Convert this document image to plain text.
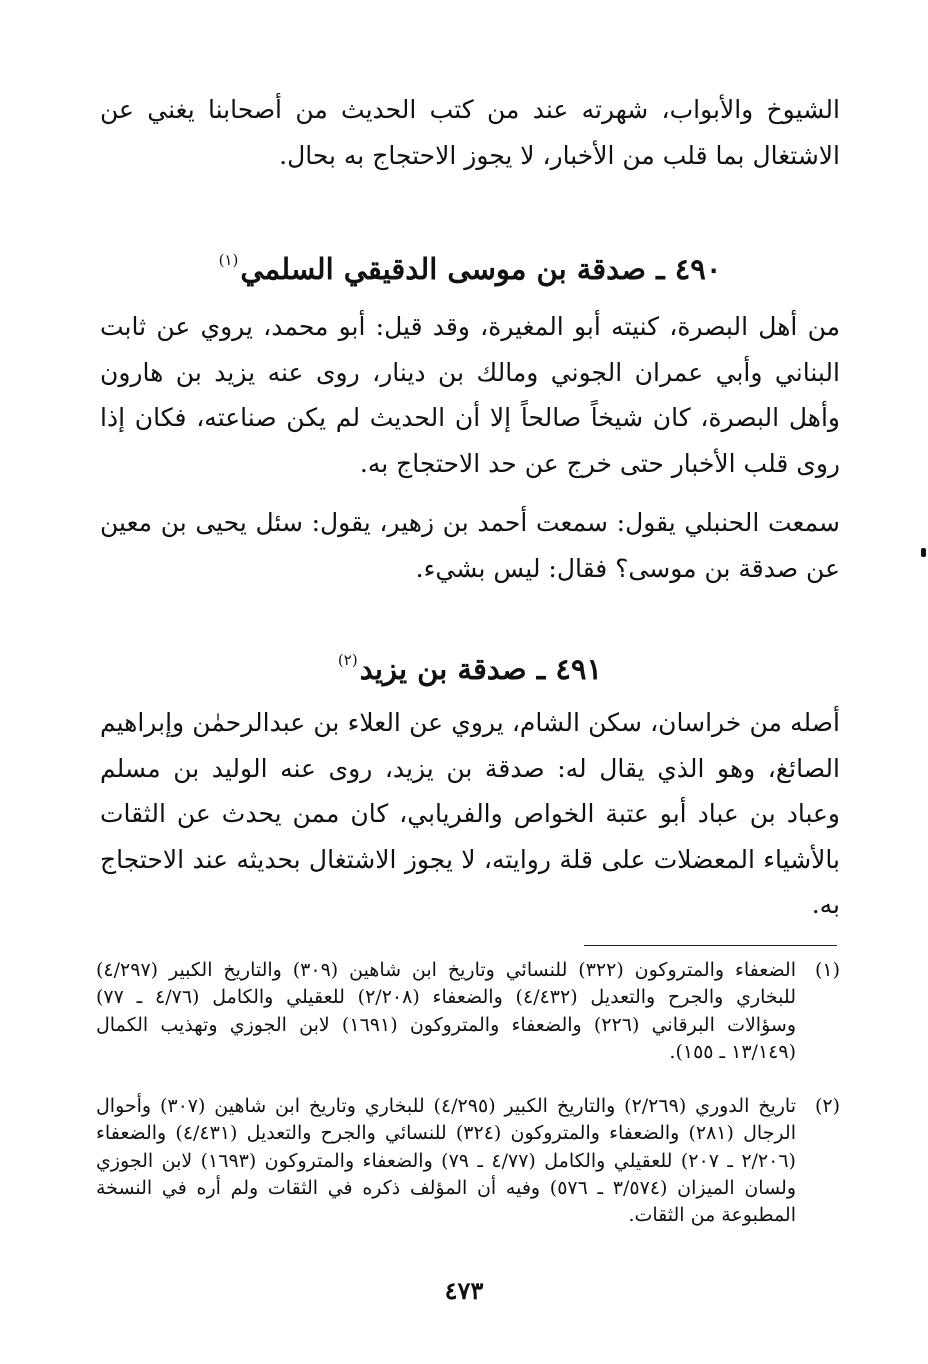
الشيوخ والأبواب، شهرته عند من كتب الحديث من أصحابنا يغني عن الاشتغال بما قلب من الأخبار، لا يجوز الاحتجاج به بحال.

٤٩٠ ـ صدقة بن موسى الدقيقي السلمي$^{(١)}$

من أهل البصرة، كنيته أبو المغيرة، وقد قيل: أبو محمد، يروي عن ثابت البناني وأبي عمران الجوني ومالك بن دينار، روى عنه يزيد بن هارون وأهل البصرة، كان شيخاً صالحاً إلا أن الحديث لم يكن صناعته، فكان إذا روى قلب الأخبار حتى خرج عن حد الاحتجاج به.

سمعت الحنبلي يقول: سمعت أحمد بن زهير، يقول: سئل يحيى بن معين عن صدقة بن موسى؟ فقال: ليس بشيء.

٤٩١ ـ صدقة بن يزيد$^{(٢)}$

أصله من خراسان، سكن الشام، يروي عن العلاء بن عبدالرحمٰن وإبراهيم الصائغ، وهو الذي يقال له: صدقة بن يزيد، روى عنه الوليد بن مسلم وعباد بن عباد أبو عتبة الخواص والفريابي، كان ممن يحدث عن الثقات بالأشياء المعضلات على قلة روايته، لا يجوز الاشتغال بحديثه عند الاحتجاج به.

(١)
الضعفاء والمتروكون (٣٢٢) للنسائي وتاريخ ابن شاهين (٣٠٩) والتاريخ الكبير (٤/٢٩٧) للبخاري والجرح والتعديل (٤/٤٣٢) والضعفاء (٢/٢٠٨) للعقيلي والكامل (٤/٧٦ ـ ٧٧) وسؤالات البرقاني (٢٢٦) والضعفاء والمتروكون (١٦٩١) لابن الجوزي وتهذيب الكمال (١٣/١٤٩ ـ ١٥٥).
(٢)
تاريخ الدوري (٢/٢٦٩) والتاريخ الكبير (٤/٢٩٥) للبخاري وتاريخ ابن شاهين (٣٠٧) وأحوال الرجال (٢٨١) والضعفاء والمتروكون (٣٢٤) للنسائي والجرح والتعديل (٤/٤٣١) والضعفاء (٢/٢٠٦ ـ ٢٠٧) للعقيلي والكامل (٤/٧٧ ـ ٧٩) والضعفاء والمتروكون (١٦٩٣) لابن الجوزي ولسان الميزان (٣/٥٧٤ ـ ٥٧٦) وفيه أن المؤلف ذكره في الثقات ولم أره في النسخة المطبوعة من الثقات.
٤٧٣
